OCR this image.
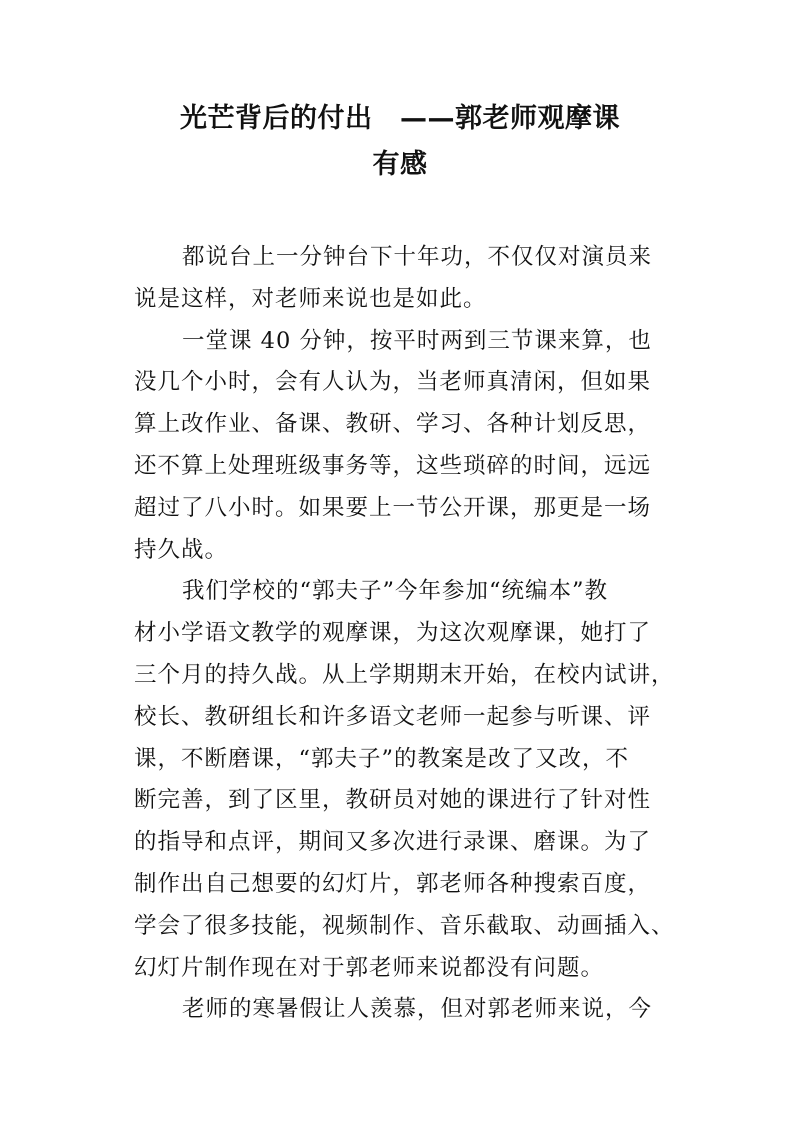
光芒背后的付出　——郭老师观摩课
有感
都说台上一分钟台下十年功，不仅仅对演员来
说是这样，对老师来说也是如此。
一堂课 40 分钟，按平时两到三节课来算，也
没几个小时，会有人认为，当老师真清闲，但如果
算上改作业、备课、教研、学习、各种计划反思，
还不算上处理班级事务等，这些琐碎的时间，远远
超过了八小时。如果要上一节公开课，那更是一场
持久战。
我们学校的“郭夫子”今年参加“统编本”教
材小学语文教学的观摩课，为这次观摩课，她打了
三个月的持久战。从上学期期末开始，在校内试讲，
校长、教研组长和许多语文老师一起参与听课、评
课，不断磨课，“郭夫子”的教案是改了又改，不
断完善，到了区里，教研员对她的课进行了针对性
的指导和点评，期间又多次进行录课、磨课。为了
制作出自己想要的幻灯片，郭老师各种搜索百度，
学会了很多技能，视频制作、音乐截取、动画插入、
幻灯片制作现在对于郭老师来说都没有问题。
老师的寒暑假让人羡慕，但对郭老师来说，今
